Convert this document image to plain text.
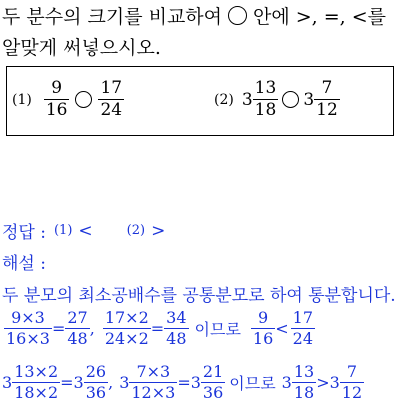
두 분수의 크기를 비교하여 안에 >, =, <를
알맞게 써넣으시오.
$(1) \frac{9}{16} \frac{17}{24}$	(2) $3 \frac{13}{18} 3 \frac{7}{12}$
정답 : (1) <	(2) >
해설 :
두 분모의 최소공배수를 공통분모로 하여 통분합니다.
$\frac{9\times 3}{16\times 3} = \frac{27}{48}$ , $\frac{17\times 2}{24\times 2} = \frac{34}{48}$ 이므로 $\frac{9}{16} < \frac{17}{24}$
$3 \frac{13\times 2}{18\times 2} = 3 \frac{26}{36}$ , $3 \frac{7\times 3}{12\times 3} = 3 \frac{21}{36}$ 이므로 $3 \frac{13}{18} > 3 \frac{7}{12}$
